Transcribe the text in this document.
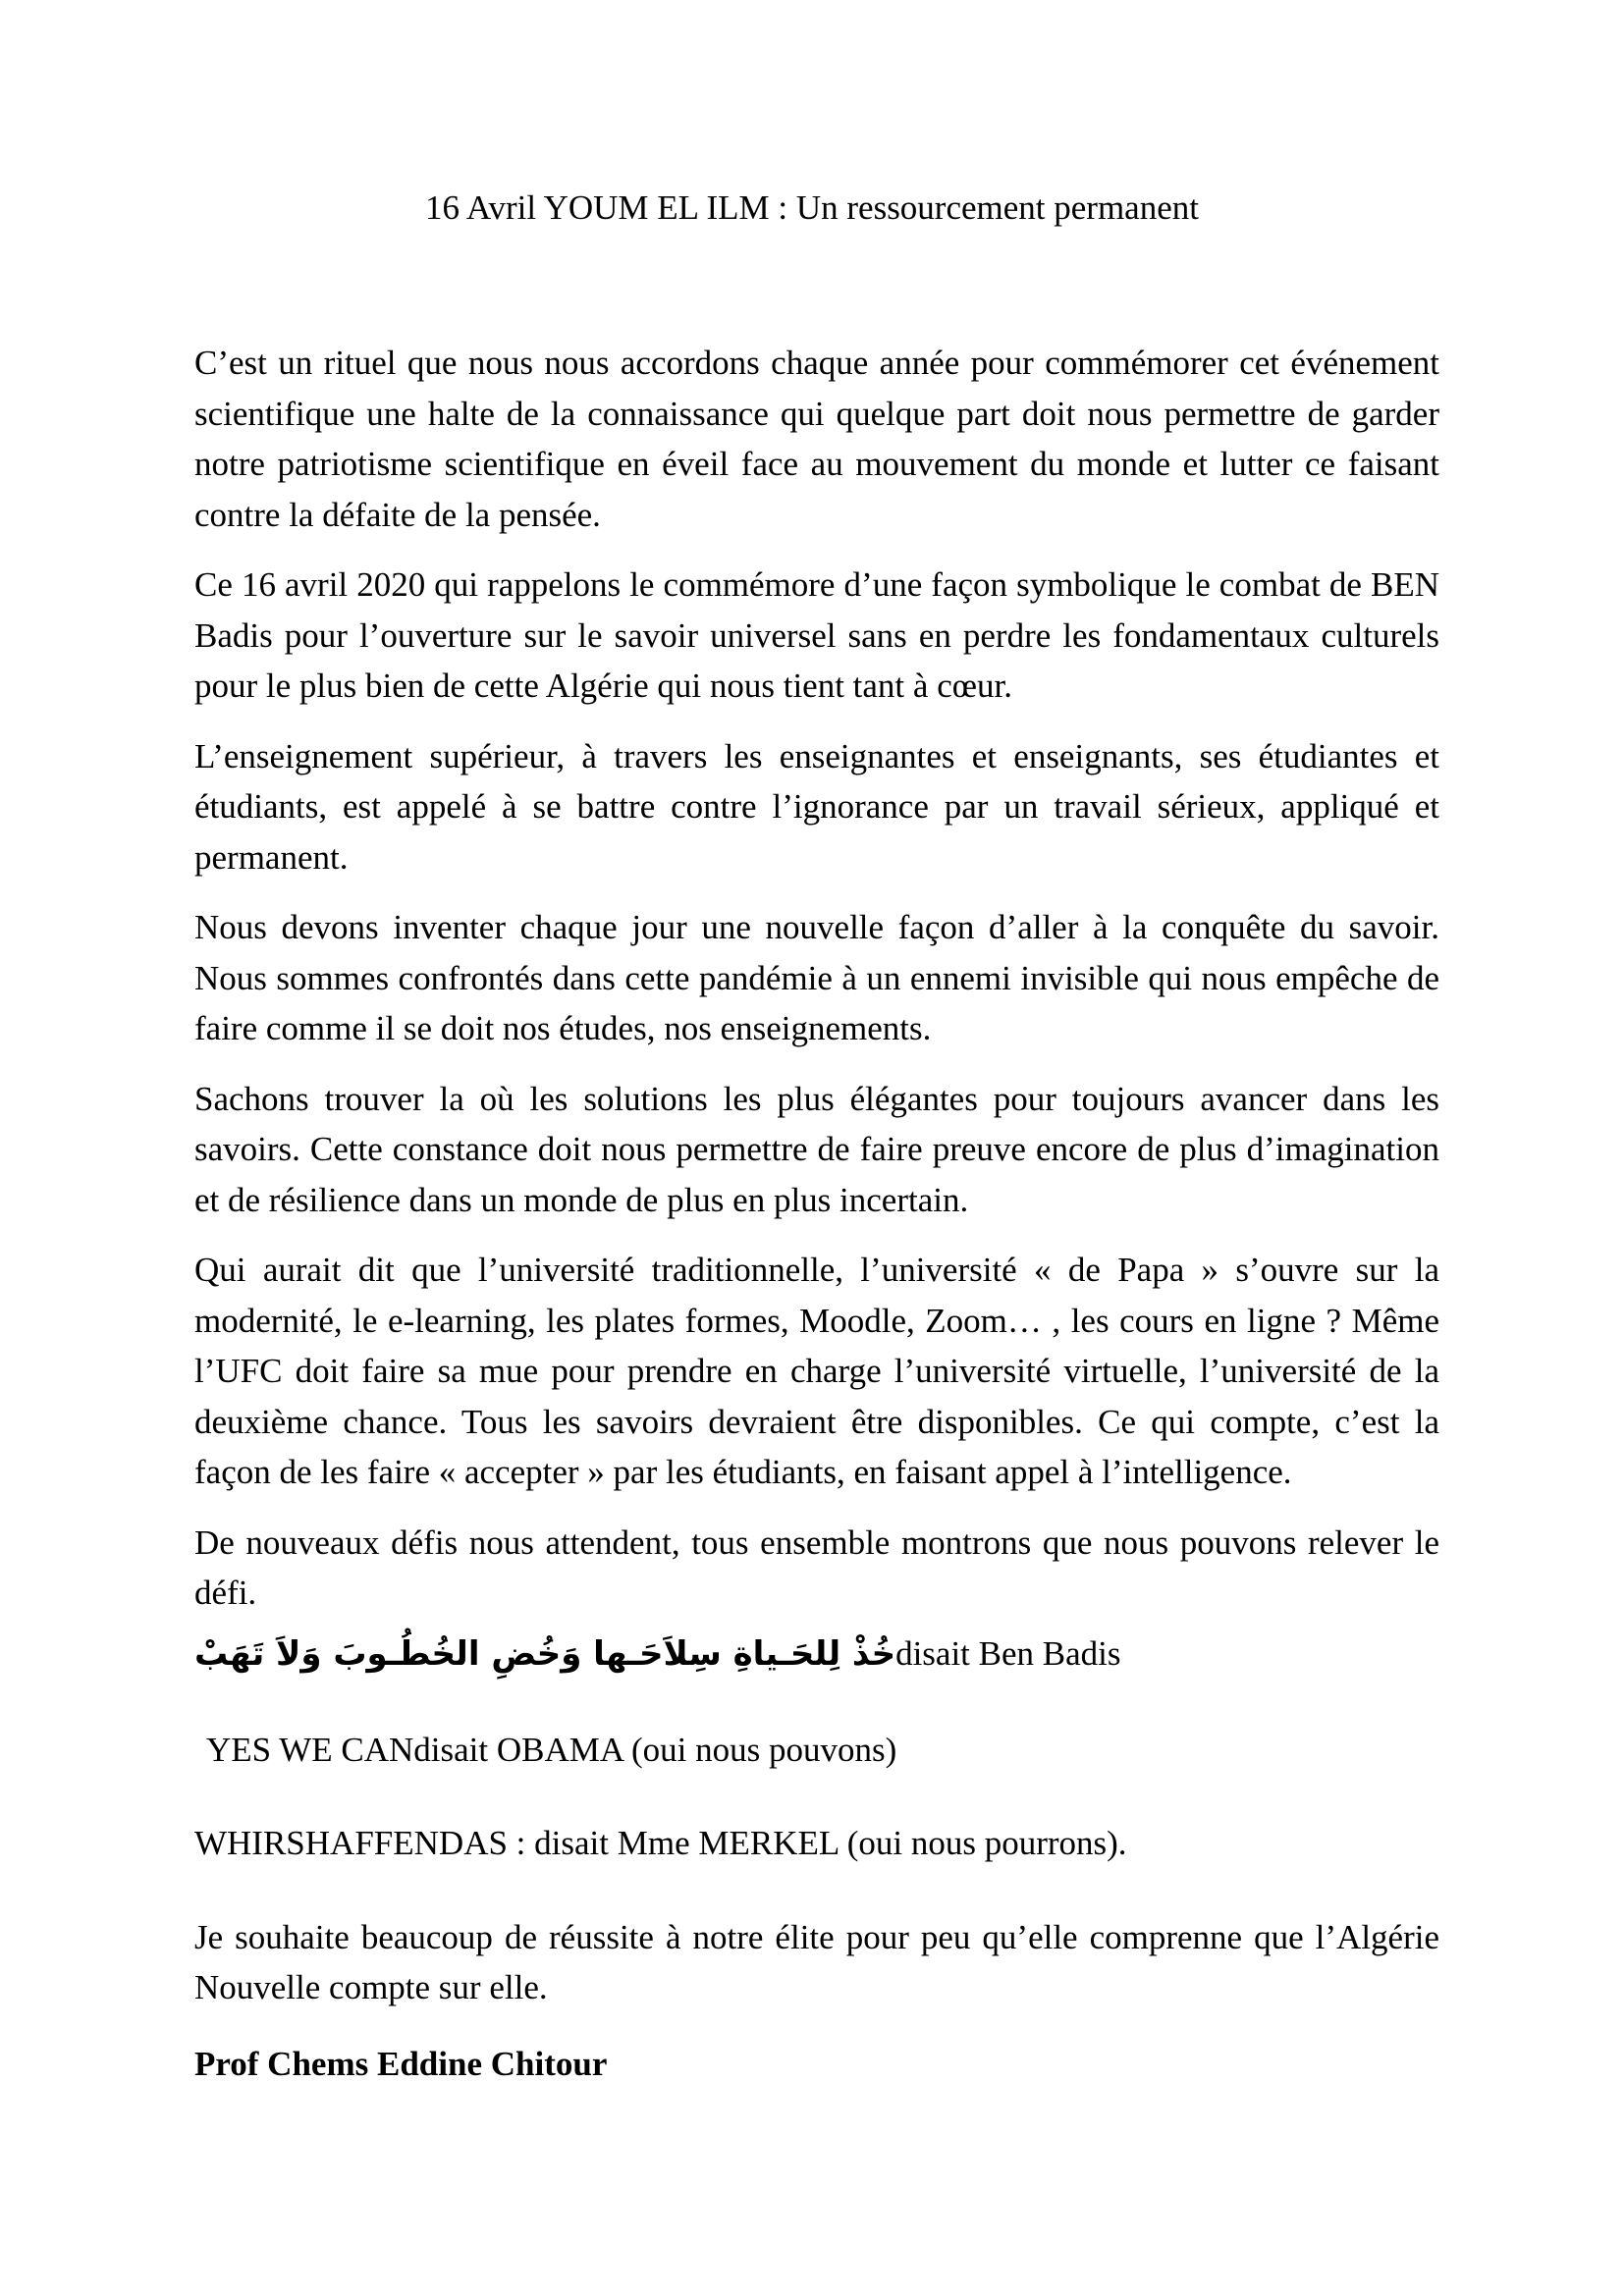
16 Avril YOUM EL ILM : Un ressourcement permanent

C’est un rituel que nous nous accordons chaque année pour commémorer cet événement scientifique une halte de la connaissance qui quelque part doit nous permettre de garder notre patriotisme scientifique en éveil face au mouvement du monde et lutter ce faisant contre la défaite de la pensée.

Ce 16 avril 2020 qui rappelons le commémore d’une façon symbolique le combat de BEN Badis pour l’ouverture sur le savoir universel sans en perdre les fondamentaux culturels pour le plus bien de cette Algérie qui nous tient tant à cœur.

L’enseignement supérieur, à travers les enseignantes et enseignants, ses étudiantes et étudiants, est appelé à se battre contre l’ignorance par un travail sérieux, appliqué et permanent.

Nous devons inventer chaque jour une nouvelle façon d’aller à la conquête du savoir. Nous sommes confrontés dans cette pandémie à un ennemi invisible qui nous empêche de faire comme il se doit nos études, nos enseignements.

Sachons trouver la où les solutions les plus élégantes pour toujours avancer dans les savoirs. Cette constance doit nous permettre de faire preuve encore de plus d’imagination et de résilience dans un monde de plus en plus incertain.

Qui aurait dit que l’université traditionnelle, l’université « de Papa » s’ouvre sur la modernité, le e-learning, les plates formes, Moodle, Zoom… , les cours en ligne ? Même l’UFC doit faire sa mue pour prendre en charge l’université virtuelle, l’université de la deuxième chance. Tous les savoirs devraient être disponibles. Ce qui compte, c’est la façon de les faire « accepter » par les étudiants, en faisant appel à l’intelligence.

De nouveaux défis nous attendent, tous ensemble montrons que nous pouvons relever le défi.

خُذْ لِلحَـياةِ سِلاَحَـها وَخُضِ الخُطُـوبَ وَلاَ تَهَبْdisait Ben Badis
YES WE CANdisait OBAMA (oui nous pouvons)
WHIRSHAFFENDAS : disait Mme MERKEL (oui nous pourrons).

Je souhaite beaucoup de réussite à notre élite pour peu qu’elle comprenne que l’Algérie Nouvelle compte sur elle.

Prof Chems Eddine Chitour
